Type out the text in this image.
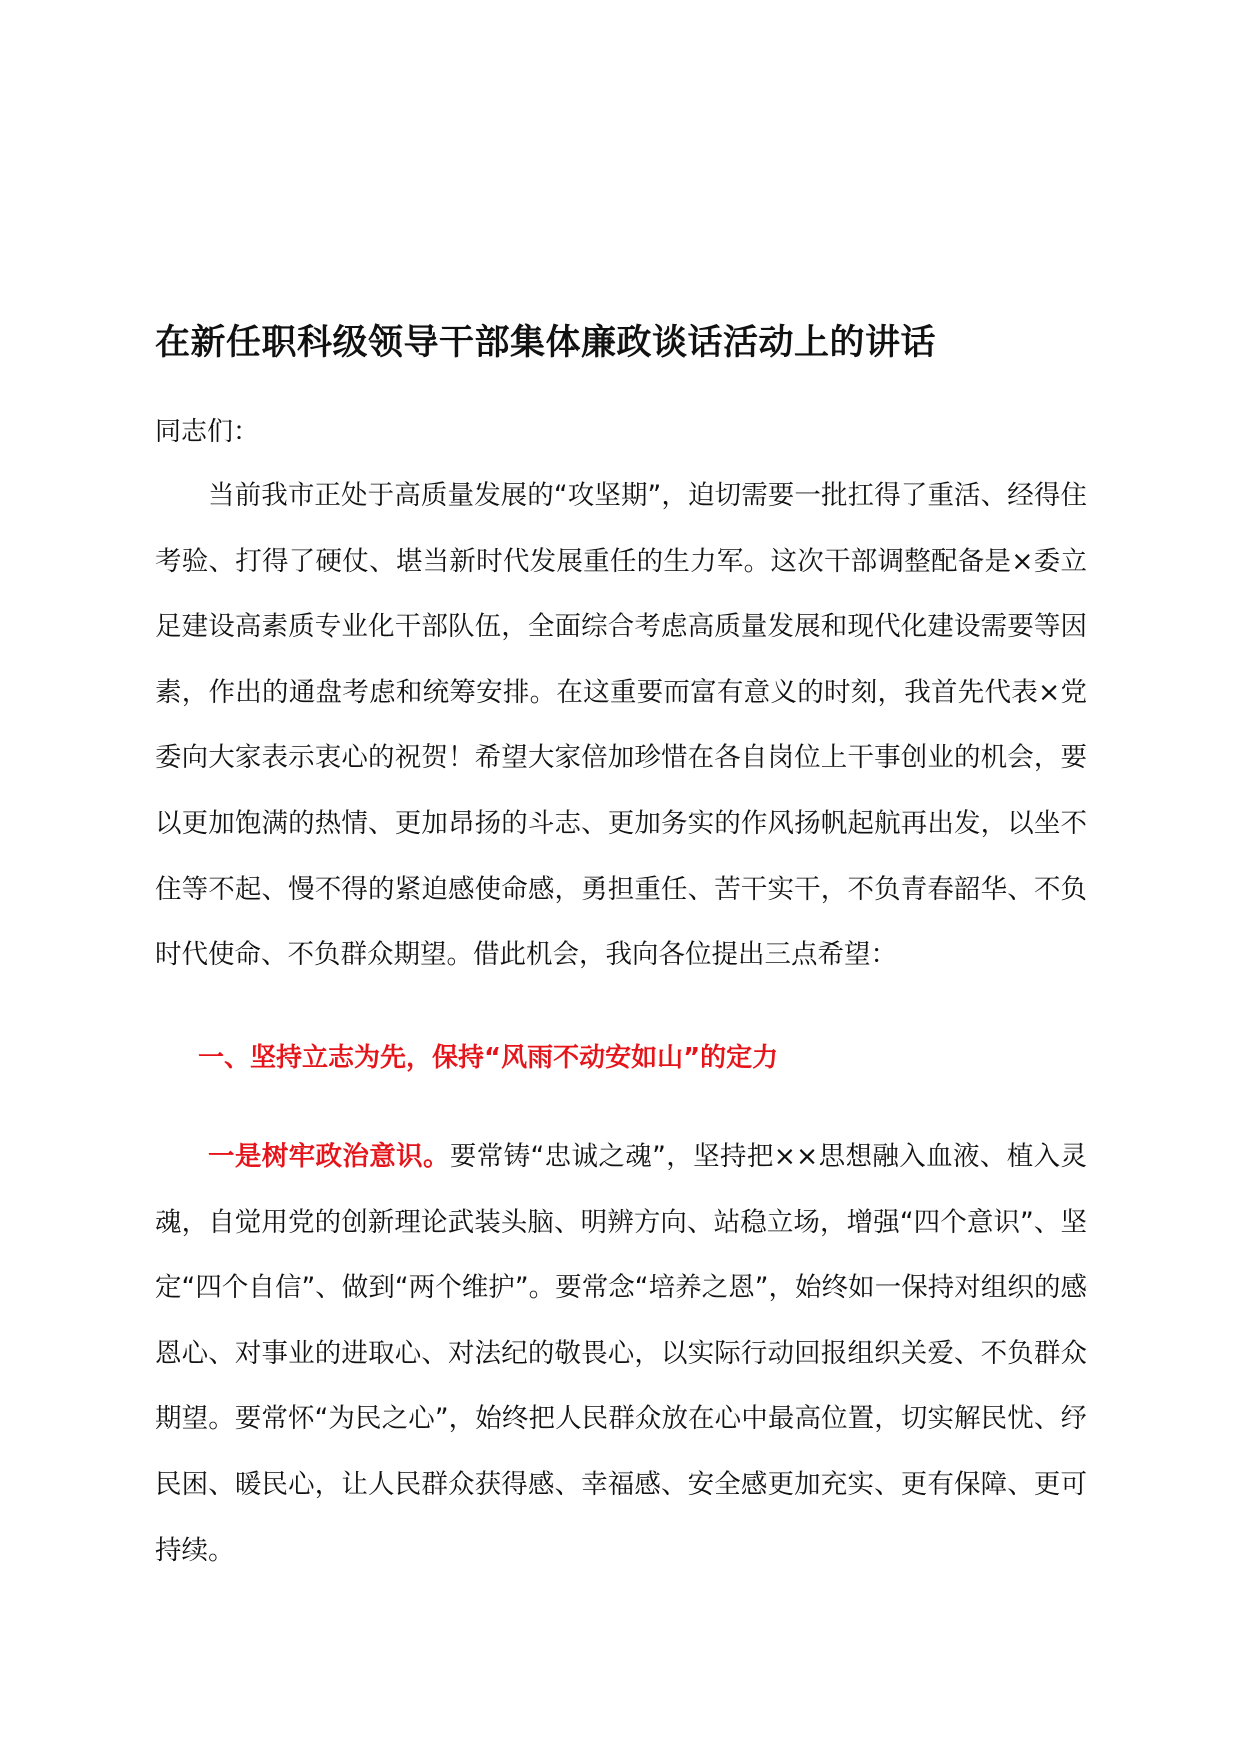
在新任职科级领导干部集体廉政谈话活动上的讲话

同志们：

当前我市正处于高质量发展的“攻坚期”，迫切需要一批扛得了重活、经得住考验、打得了硬仗、堪当新时代发展重任的生力军。这次干部调整配备是×委立足建设高素质专业化干部队伍，全面综合考虑高质量发展和现代化建设需要等因素，作出的通盘考虑和统筹安排。在这重要而富有意义的时刻，我首先代表×党委向大家表示衷心的祝贺！希望大家倍加珍惜在各自岗位上干事创业的机会，要以更加饱满的热情、更加昂扬的斗志、更加务实的作风扬帆起航再出发，以坐不住等不起、慢不得的紧迫感使命感，勇担重任、苦干实干，不负青春韶华、不负时代使命、不负群众期望。借此机会，我向各位提出三点希望：

一、坚持立志为先，保持“风雨不动安如山”的定力

一是树牢政治意识。要常铸“忠诚之魂”，坚持把××思想融入血液、植入灵魂，自觉用党的创新理论武装头脑、明辨方向、站稳立场，增强“四个意识”、坚定“四个自信”、做到“两个维护”。要常念“培养之恩”，始终如一保持对组织的感恩心、对事业的进取心、对法纪的敬畏心，以实际行动回报组织关爱、不负群众期望。要常怀“为民之心”，始终把人民群众放在心中最高位置，切实解民忧、纾民困、暖民心，让人民群众获得感、幸福感、安全感更加充实、更有保障、更可持续。
